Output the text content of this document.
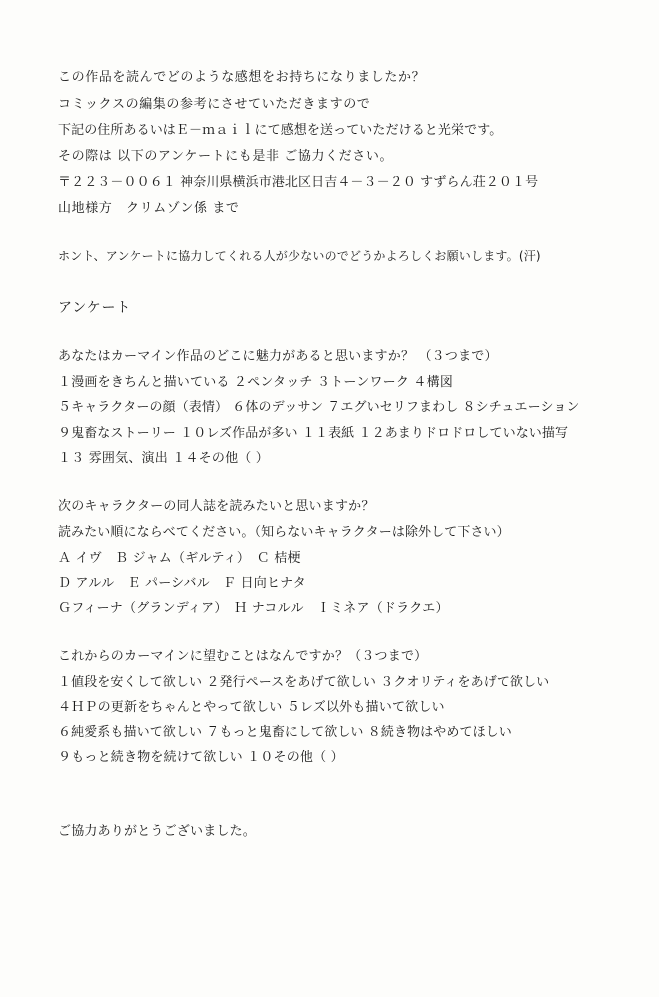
この作品を読んでどのような感想をお持ちになりましたか？
コミックスの編集の参考にさせていただきますので
下記の住所あるいはＥ－ｍａｉｌにて感想を送っていただけると光栄です。
その際は 以下のアンケートにも是非 ご協力ください。
〒２２３－００６１ 神奈川県横浜市港北区日吉４－３－２０ すずらん荘２０１号
山地様方　クリムゾン係 まで
ホント、アンケートに協力してくれる人が少ないのでどうかよろしくお願いします。(汗)
アンケート
あなたはカーマイン作品のどこに魅力があると思いますか？ （３つまで）
１漫画をきちんと描いている ２ペンタッチ ３トーンワーク ４構図
５キャラクターの顔（表情） ６体のデッサン ７エグいセリフまわし ８シチュエーション
９鬼畜なストーリー １０レズ作品が多い １１表紙 １２あまりドロドロしていない描写
１３ 雰囲気、演出 １４その他（ ）
次のキャラクターの同人誌を読みたいと思いますか？
読みたい順にならべてください。（知らないキャラクターは除外して下さい）
Ａ イヴ　Ｂ ジャム（ギルティ）　Ｃ 桔梗
Ｄ アルル　Ｅ パーシバル　Ｆ 日向ヒナタ
Ｇフィーナ（グランディア）　Ｈ ナコルル　Ｉミネア（ドラクエ）
これからのカーマインに望むことはなんですか？（３つまで）
１値段を安くして欲しい ２発行ペースをあげて欲しい ３クオリティをあげて欲しい
４ＨＰの更新をちゃんとやって欲しい ５レズ以外も描いて欲しい
６純愛系も描いて欲しい ７もっと鬼畜にして欲しい ８続き物はやめてほしい
９もっと続き物を続けて欲しい １０その他（ ）
ご協力ありがとうございました。
